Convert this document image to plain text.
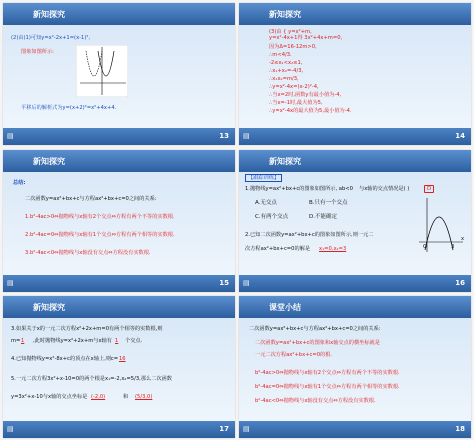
新知探究
(2)由(1)可知y=x²-2x+1=(x-1)²,
图象如图所示:
平移后的解析式为y=(x+2)²=x²+4x+4.
▤	13
新知探究
(3)由 { y=x²+m,
y=x²-4x+1得 3x²+4x+m=0,
因为Δ=16-12m>0,
∴m<4/3.
-2≤x₁<x₂≤1,
∴x₁+x₂=-4/3,
∴x₁x₂=m/3,
∴y=x²-4x=(x-2)²-4,
∴当x=2时,函数y有最小值为-4,
∴当x=-1时,最大值为5,
∴y=x²-4x的最大值为5,最小值为-4.
▤	14
新知探究
总结:
二次函数y=ax²+bx+c与方程ax²+bx+c=0之间的关系:
1.b²-4ac>0⇔抛物线与x轴有2个交点⇔方程有两个不等的实数根.
2.b²-4ac=0⇔抛物线与x轴有1个交点⇔方程有两个相等的实数根.
3.b²-4ac<0⇔抛物线与x轴没有交点⇔方程没有实数根.
▤	15
新知探究
【跟踪训练】
1.抛物线y=ax²+bx+c的图象如图所示, ab<0 与x轴的交点情况是( )	D
A.无交点	B.只有一个交点
C.有两个交点	D.不能确定
2.已知二次函数y=ax²+bx+c的图象如图所示,则一元二
次方程ax²+bx+c=0的解是 x₁=0,x₂=3	O	3
x
▤	16
新知探究
3.如果关于x的一元二次方程x²+2x+m=0有两个相等的实数根,则
m= 1 ,此时抛物线y=x²+2x+m与x轴有 1 个交点.
4.已知抛物线y=x²-8x+c的顶点在x轴上,则c= 16
5.一元二次方程3x²+x-10=0的两个根是x₁=-2,x₂=5/3,那么二次函数
y=3x²+x-10与x轴的交点坐标是 (-2,0)	和 (5/3,0)
▤	17
课堂小结
二次函数y=ax²+bx+c与方程ax²+bx+c=0之间的关系:
二次函数y=ax²+bx+c的图象和x轴交点的横坐标就是
一元二次方程ax²+bx+c=0的根.
b²-4ac>0⇔抛物线与x轴有2个交点⇔方程有两个不等的实数根.
b²-4ac=0⇔抛物线与x轴有1个交点⇔方程有两个相等的实数根.
b²-4ac<0⇔抛物线与x轴没有交点⇔方程没有实数根.
▤	18
